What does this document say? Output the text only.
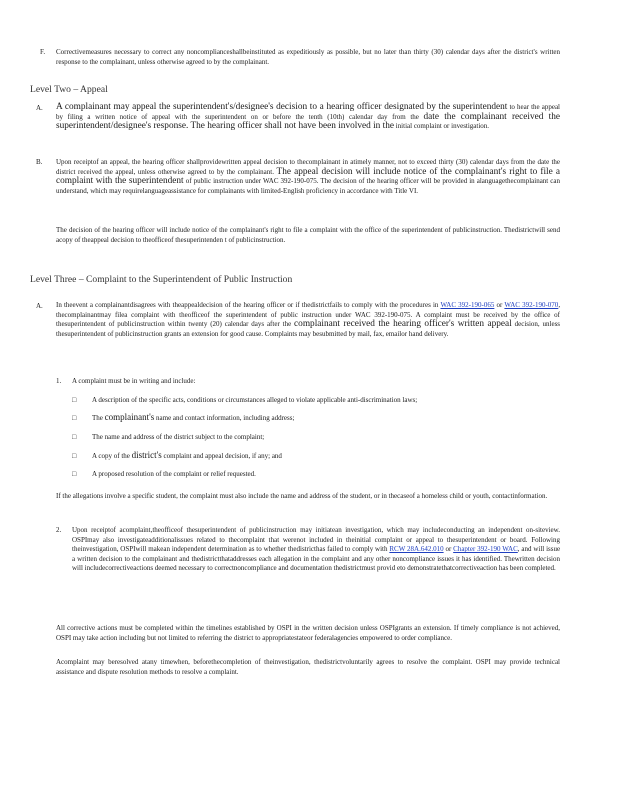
F. Correctivemeasures necessary to correct any noncomplianceshallbeinstituted as expeditiously as possible, but no later than thirty (30) calendar days after the district's written response to the complainant, unless otherwise agreed to by the complainant.
Level Two – Appeal
A. A complainant may appeal the superintendent's/designee's decision to a hearing officer designated by the superintendent to hear the appeal by filing a written notice of appeal with the superintendent on or before the tenth (10th) calendar day from the date the complainant received the superintendent/designee's response. The hearing officer shall not have been involved in the initial complaint or investigation.
B. Upon receiptof an appeal, the hearing officer shallprovidewritten appeal decision to thecomplainant in atimely manner, not to exceed thirty (30) calendar days from the date the district received the appeal, unless otherwise agreed to by the complainant. The appeal decision will include notice of the complainant's right to file a complaint with the superintendent of public instruction under WAC 392-190-075. The decision of the hearing officer will be provided in alanguagethecomplainant can understand, which may requirelanguageassistance for complainants with limited-English proficiency in accordance with Title VI.
The decision of the hearing officer will include notice of the complainant's right to file a complaint with the office of the superintendent of publicinstruction. Thedistrictwill send acopy of theappeal decision to theofficeof thesuperintenden t of publicinstruction.
Level Three – Complaint to the Superintendent of Public Instruction
A. In theevent a complainantdisagrees with theappealdecision of the hearing officer or if thedistrictfails to comply with the procedures in WAC 392-190-065 or WAC 392-190-070, thecomplainantmay filea complaint with theofficeof the superintendent of public instruction under WAC 392-190-075. A complaint must be received by the office of thesuperintendent of publicinstruction within twenty (20) calendar days after the complainant received the hearing officer's written appeal decision, unless thesuperintendent of publicinstruction grants an extension for good cause. Complaints may besubmitted by mail, fax, emailor hand delivery.
1. A complaint must be in writing and include:
□ A description of the specific acts, conditions or circumstances alleged to violate applicable anti-discrimination laws;
□ The complainant's name and contact information, including address;
□ The name and address of the district subject to the complaint;
□ A copy of the district's complaint and appeal decision, if any; and
□ A proposed resolution of the complaint or relief requested.
If the allegations involve a specific student, the complaint must also include the name and address of the student, or in thecaseof a homeless child or youth, contactinformation.
2. Upon receiptof acomplaint,theofficeof thesuperintendent of publicinstruction may initiatean investigation, which may includeconducting an independent on-siteview. OSPImay also investigateadditionalissues related to thecomplaint that werenot included in theinitial complaint or appeal to thesuperintendent or board. Following theinvestigation, OSPIwill makean independent determination as to whether thedistricthas failed to comply with RCW 28A.642.010 or Chapter 392-190 WAC, and will issue a written decision to the complainant and thedistrictthataddresses each allegation in the complaint and any other noncompliance issues it has identified. Thewritten decision will includecorrectiveactions deemed necessary to correctnoncompliance and documentation thedistrictmust provid eto demonstratethatcorrectiveaction has been completed.
All corrective actions must be completed within the timelines established by OSPI in the written decision unless OSPIgrants an extension. If timely compliance is not achieved, OSPI may take action including but not limited to referring the district to appropriatestateor federalagencies empowered to order compliance.
Acomplaint may beresolved atany timewhen, beforethecompletion of theinvestigation, thedistrictvoluntarily agrees to resolve the complaint. OSPI may provide technical assistance and dispute resolution methods to resolve a complaint.
